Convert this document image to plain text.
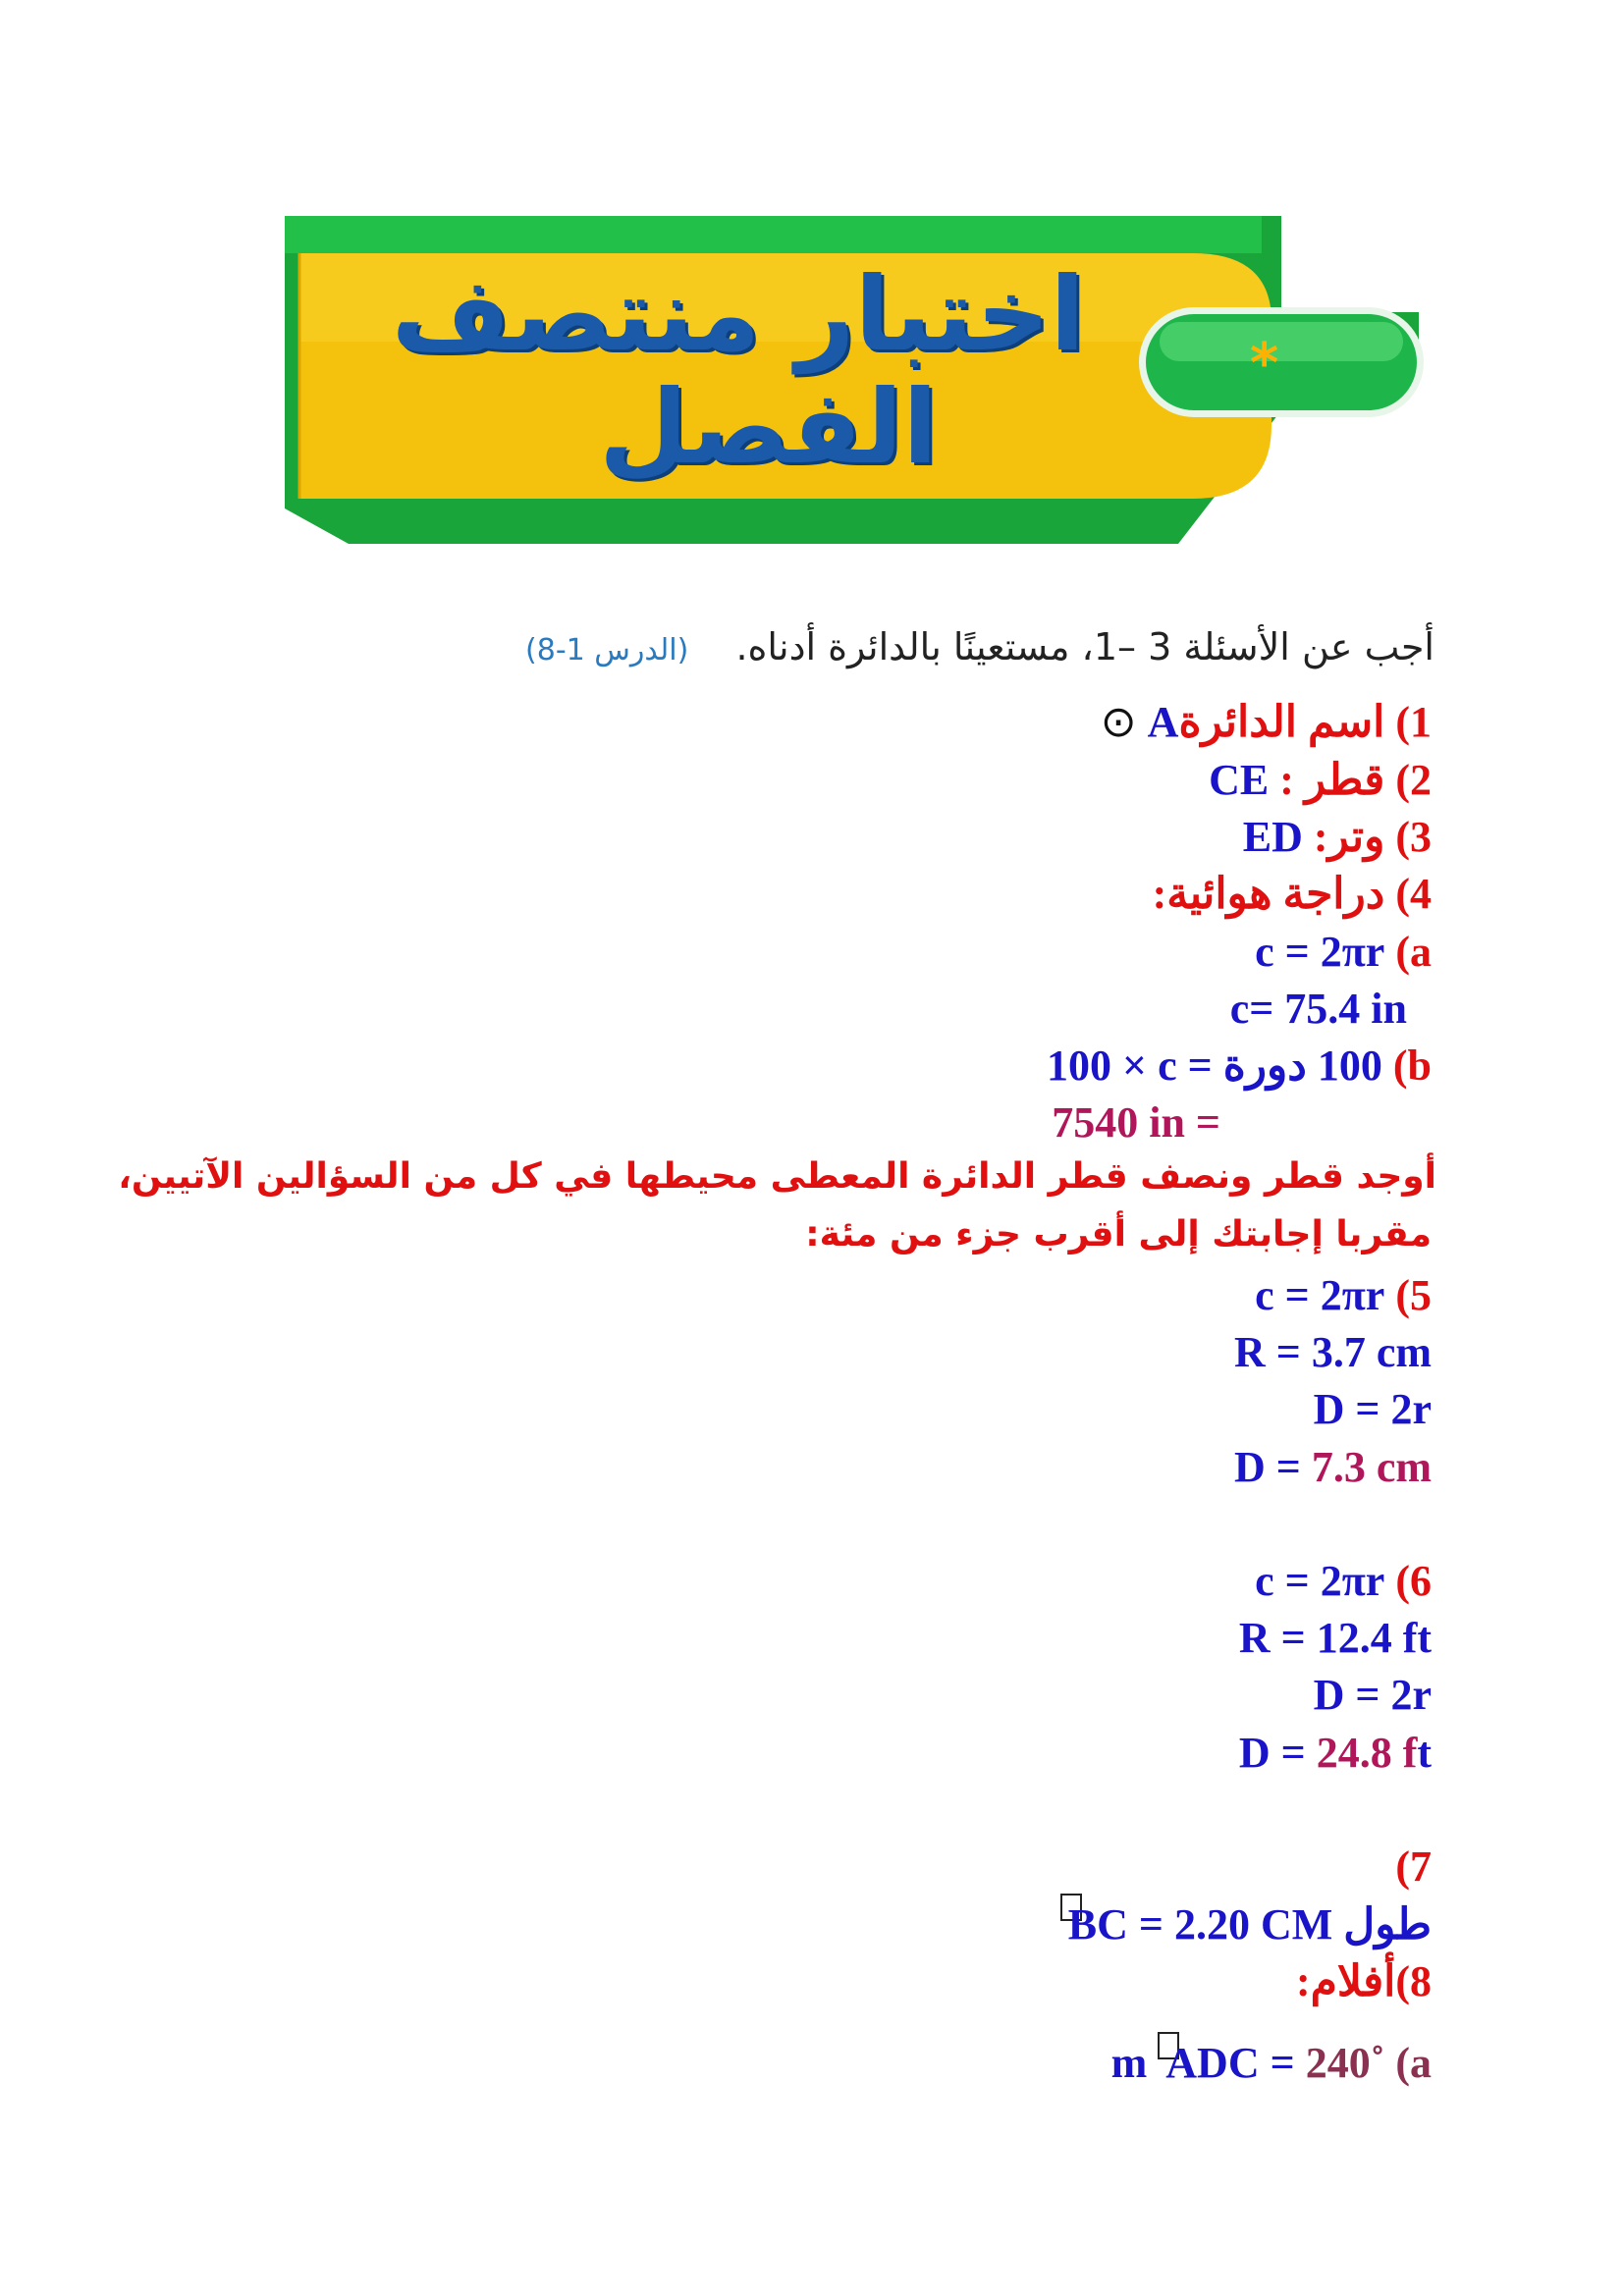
اختبار منتصف
الفصل
*
أجب عن الأسئلة 3 –1، مستعينًا بالدائرة أدناه. (الدرس 1-8)
1) اسم الدائرةA ⊙
2) قطر : CE
3) وتر: ED
4) دراجة هوائية:
(a c = 2πr
c= 75.4 in
(b 100 دورة 100 × c =
7540 in =
أوجد قطر ونصف قطر الدائرة المعطى محيطها في كل من السؤالين الآتيين،
مقربا إجابتك إلى أقرب جزء من مئة:
(5 c = 2πr
R = 3.7 cm
D = 2r
D = 7.3 cm
(6 c = 2πr
R = 12.4 ft
D = 2r
D = 24.8 ft
(7
طول BC = 2.20 CM
8)أفلام:
m ADC = 240˚ (a
